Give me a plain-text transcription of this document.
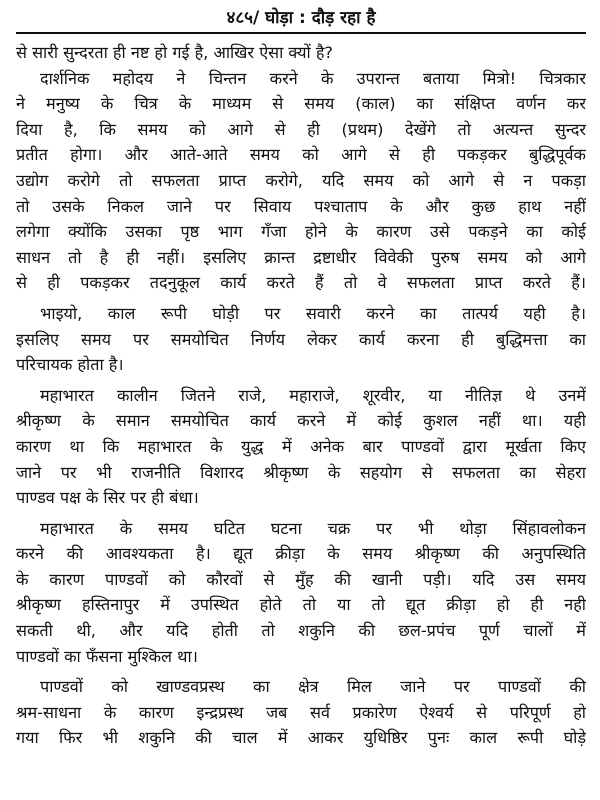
४८५/ घोड़ा : दौड़ रहा है
से सारी सुन्दरता ही नष्ट हो गई है, आखिर ऐसा क्यों है?
दार्शनिक महोदय ने चिन्तन करने के उपरान्त बताया मित्रो! चित्रकार
ने मनुष्य के चित्र के माध्यम से समय (काल) का संक्षिप्त वर्णन कर
दिया है, कि समय को आगे से ही (प्रथम) देखेंगे तो अत्यन्त सुन्दर
प्रतीत होगा। और आते-आते समय को आगे से ही पकड़कर बुद्धिपूर्वक
उद्योग करोगे तो सफलता प्राप्त करोगे, यदि समय को आगे से न पकड़ा
तो उसके निकल जाने पर सिवाय पश्चाताप के और कुछ हाथ नहीं
लगेगा क्योंकि उसका पृष्ठ भाग गँजा होने के कारण उसे पकड़ने का कोई
साधन तो है ही नहीं। इसलिए क्रान्त द्रष्टाधीर विवेकी पुरुष समय को आगे
से ही पकड़कर तदनुकूल कार्य करते हैं तो वे सफलता प्राप्त करते हैं।
भाइयो, काल रूपी घोड़ी पर सवारी करने का तात्पर्य यही है।
इसलिए समय पर समयोचित निर्णय लेकर कार्य करना ही बुद्धिमत्ता का
परिचायक होता है।
महाभारत कालीन जितने राजे, महाराजे, शूरवीर, या नीतिज्ञ थे उनमें
श्रीकृष्ण के समान समयोचित कार्य करने में कोई कुशल नहीं था। यही
कारण था कि महाभारत के युद्ध में अनेक बार पाण्डवों द्वारा मूर्खता किए
जाने पर भी राजनीति विशारद श्रीकृष्ण के सहयोग से सफलता का सेहरा
पाण्डव पक्ष के सिर पर ही बंधा।
महाभारत के समय घटित घटना चक्र पर भी थोड़ा सिंहावलोकन
करने की आवश्यकता है। द्यूत क्रीड़ा के समय श्रीकृष्ण की अनुपस्थिति
के कारण पाण्डवों को कौरवों से मुँह की खानी पड़ी। यदि उस समय
श्रीकृष्ण हस्तिनापुर में उपस्थित होते तो या तो द्यूत क्रीड़ा हो ही नही
सकती थी, और यदि होती तो शकुनि की छल-प्रपंच पूर्ण चालों में
पाण्डवों का फँसना मुश्किल था।
पाण्डवों को खाण्डवप्रस्थ का क्षेत्र मिल जाने पर पाण्डवों की
श्रम-साधना के कारण इन्द्रप्रस्थ जब सर्व प्रकारेण ऐश्वर्य से परिपूर्ण हो
गया फिर भी शकुनि की चाल में आकर युधिष्ठिर पुनः काल रूपी घोड़े
